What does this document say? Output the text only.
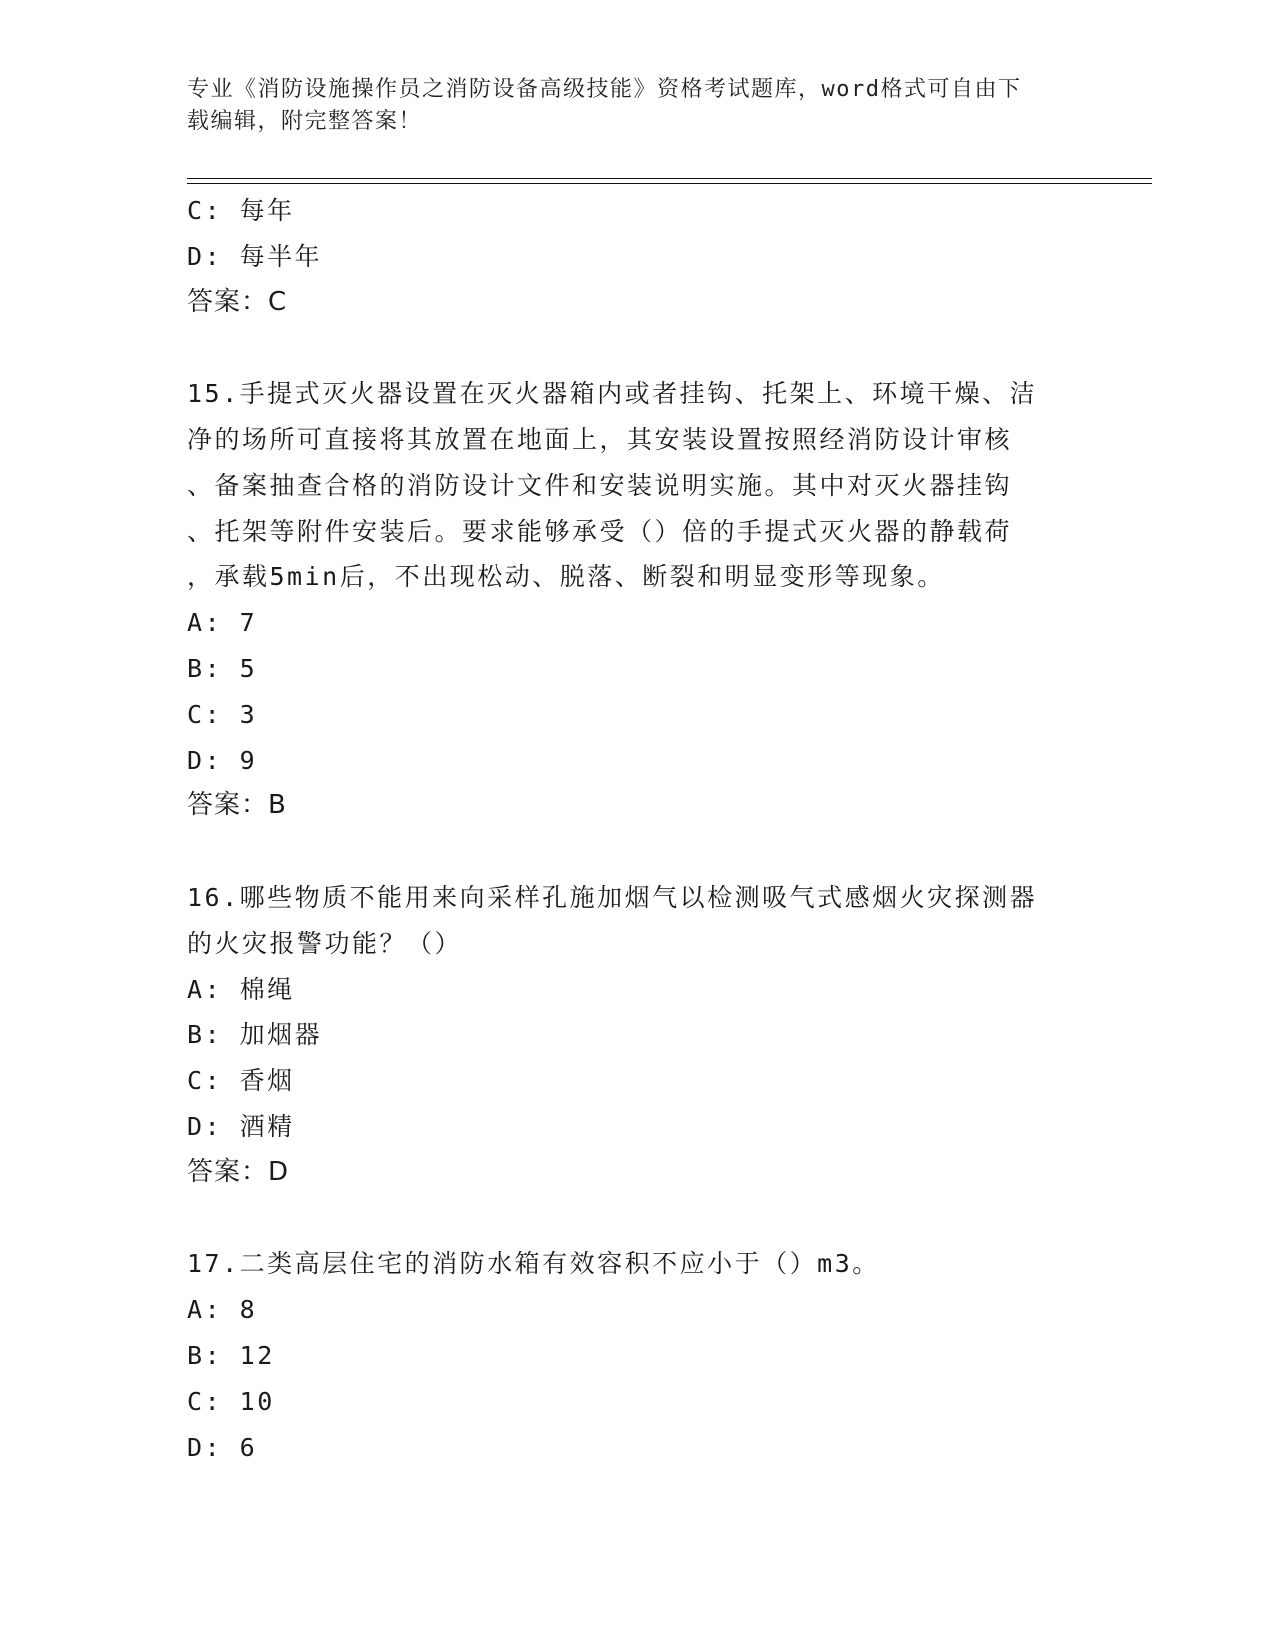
专业《消防设施操作员之消防设备高级技能》资格考试题库，word格式可自由下
载编辑，附完整答案！
C: 每年
D: 每半年
答案：C
15.手提式灭火器设置在灭火器箱内或者挂钩、托架上、环境干燥、洁
净的场所可直接将其放置在地面上，其安装设置按照经消防设计审核
、备案抽查合格的消防设计文件和安装说明实施。其中对灭火器挂钩
、托架等附件安装后。要求能够承受（）倍的手提式灭火器的静载荷
，承载5min后，不出现松动、脱落、断裂和明显变形等现象。
A: 7
B: 5
C: 3
D: 9
答案：B
16.哪些物质不能用来向采样孔施加烟气以检测吸气式感烟火灾探测器
的火灾报警功能？（）
A: 棉绳
B: 加烟器
C: 香烟
D: 酒精
答案：D
17.二类高层住宅的消防水箱有效容积不应小于（）m3。
A: 8
B: 12
C: 10
D: 6
